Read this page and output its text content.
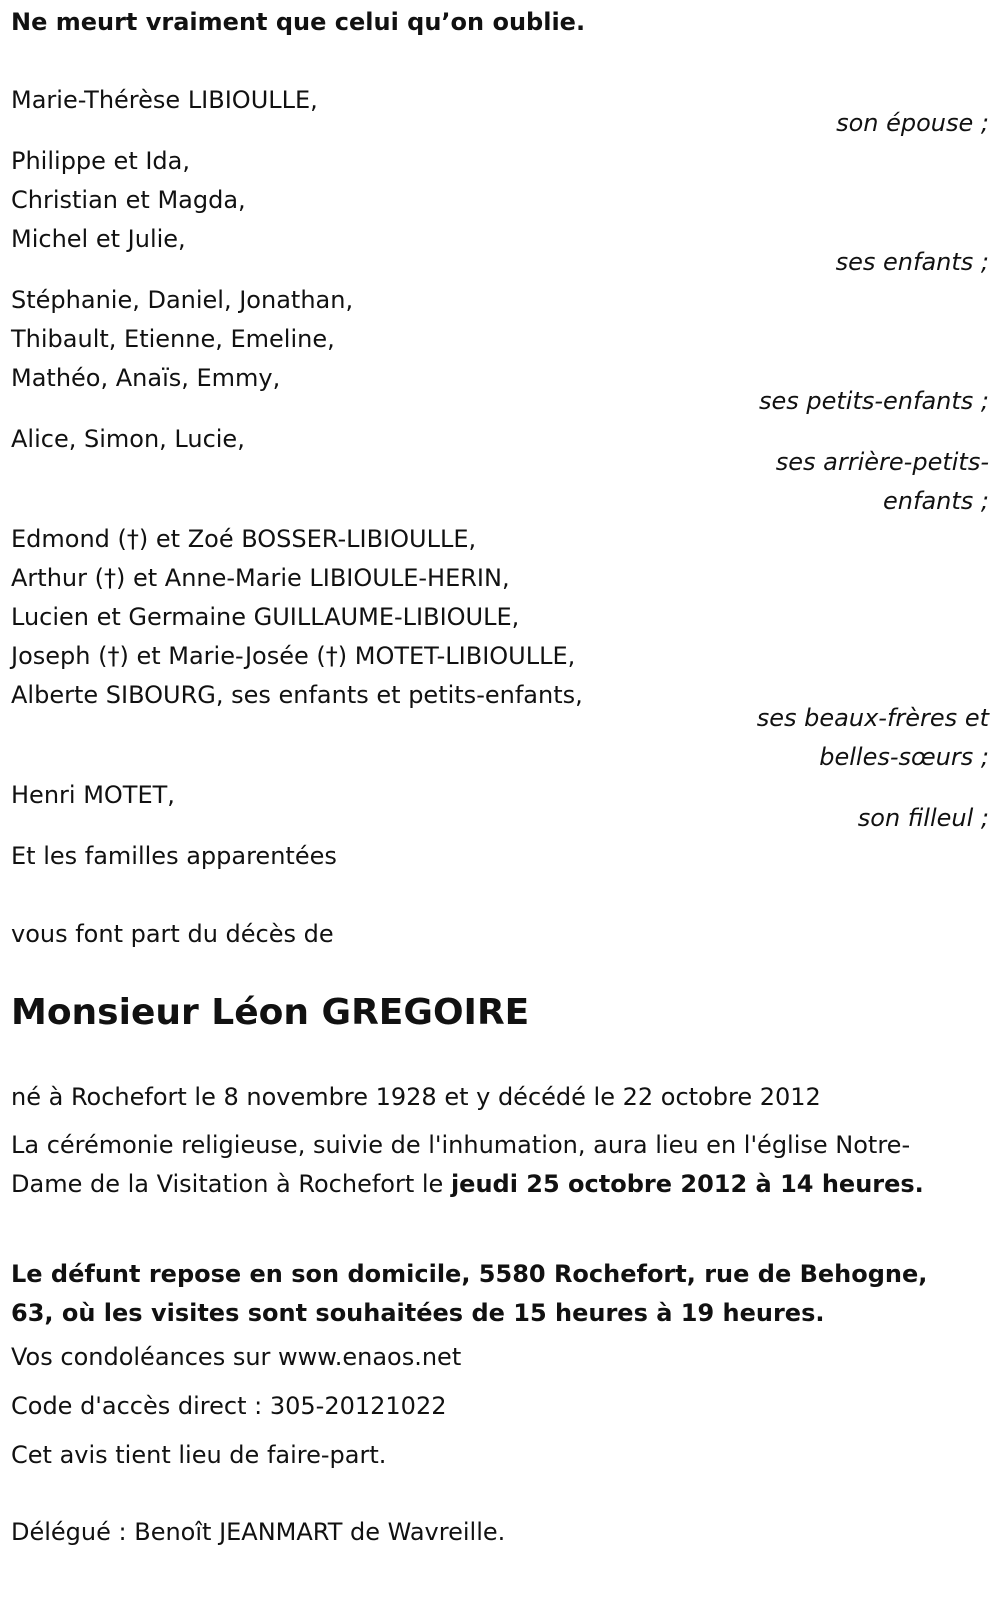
Ne meurt vraiment que celui qu’on oublie.
Marie-Thérèse LIBIOULLE,
son épouse ;
Philippe et Ida,
Christian et Magda,
Michel et Julie,
ses enfants ;
Stéphanie, Daniel, Jonathan,
Thibault, Etienne, Emeline,
Mathéo, Anaïs, Emmy,
ses petits-enfants ;
Alice, Simon, Lucie,
ses arrière-petits-
enfants ;
Edmond (†) et Zoé BOSSER-LIBIOULLE,
Arthur (†) et Anne-Marie LIBIOULE-HERIN,
Lucien et Germaine GUILLAUME-LIBIOULE,
Joseph (†) et Marie-Josée (†) MOTET-LIBIOULLE,
Alberte SIBOURG, ses enfants et petits-enfants,
ses beaux-frères et
belles-sœurs ;
Henri MOTET,
son filleul ;
Et les familles apparentées
vous font part du décès de
Monsieur Léon GREGOIRE
né à Rochefort le 8 novembre 1928 et y décédé le 22 octobre 2012
La cérémonie religieuse, suivie de l'inhumation, aura lieu en l'église Notre-Dame de la Visitation à Rochefort le jeudi 25 octobre 2012 à 14 heures.
Le défunt repose en son domicile, 5580 Rochefort, rue de Behogne, 63, où les visites sont souhaitées de 15 heures à 19 heures.
Vos condoléances sur www.enaos.net
Code d'accès direct : 305-20121022
Cet avis tient lieu de faire-part.
Délégué : Benoît JEANMART de Wavreille.
